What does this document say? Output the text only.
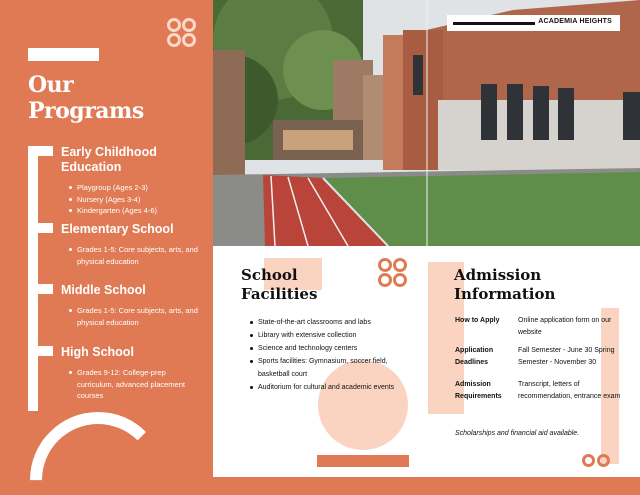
Our
Programs
Early Childhood
Education
Playgroup (Ages 2-3)
Nursery (Ages 3-4)
Kindergarten (Ages 4-6)
Elementary School
Grades 1-5: Core subjects, arts, and physical education
Middle School
Grades 1-5: Core subjects, arts, and physical education
High School
Grades 9-12: College-prep curriculum, advanced placement courses
ACADEMIA HEIGHTS
School
Facilities
State-of-the-art classrooms and labs
Library with extensive collection
Science and technology centers
Sports facilities: Gymnasium, soccer field, basketball court
Auditorium for cultural and academic events
Admission
Information
How to Apply	Online application form on our website
Application Deadlines
Fall Semester - June 30 Spring Semester - November 30
Admission Requirements
Transcript, letters of recommendation, entrance exam
Scholarships and financial aid available.
